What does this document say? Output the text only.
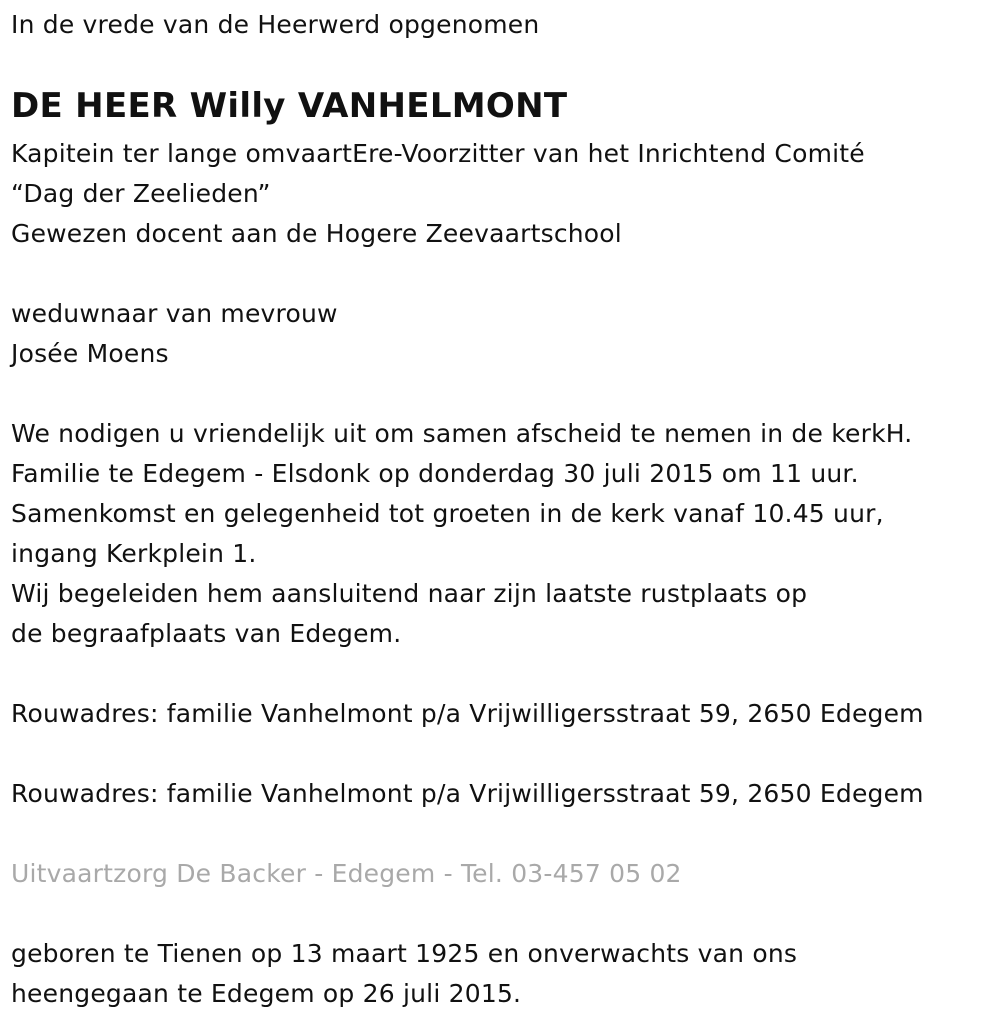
In de vrede van de Heerwerd opgenomen
DE HEER Willy VANHELMONT
Kapitein ter lange omvaartEre-Voorzitter van het Inrichtend Comité
“Dag der Zeelieden”
Gewezen docent aan de Hogere Zeevaartschool
weduwnaar van mevrouw
Josée Moens
We nodigen u vriendelijk uit om samen afscheid te nemen in de kerkH.
Familie te Edegem - Elsdonk op donderdag 30 juli 2015 om 11 uur.
Samenkomst en gelegenheid tot groeten in de kerk vanaf 10.45 uur,
ingang Kerkplein 1.
Wij begeleiden hem aansluitend naar zijn laatste rustplaats op
de begraafplaats van Edegem.
Rouwadres: familie Vanhelmont p/a Vrijwilligersstraat 59, 2650 Edegem
Rouwadres: familie Vanhelmont p/a Vrijwilligersstraat 59, 2650 Edegem
Uitvaartzorg De Backer - Edegem - Tel. 03-457 05 02
geboren te Tienen op 13 maart 1925 en onverwachts van ons
heengegaan te Edegem op 26 juli 2015.
